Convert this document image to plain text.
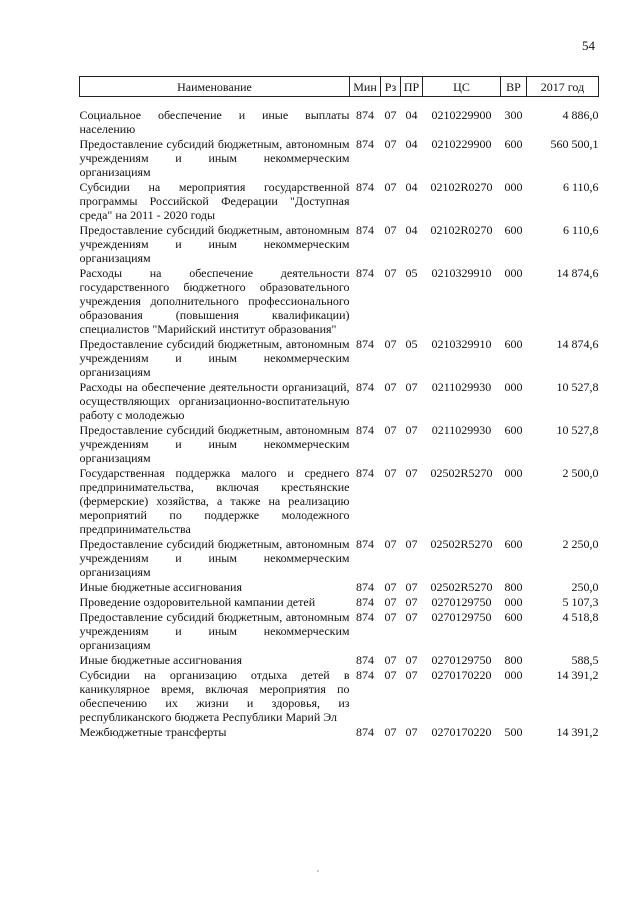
54
Наименование	Мин	Рз	ПР	ЦС	ВР	2017 год
Социальное обеспечение и иные выплаты населению	874	07	04	0210229900	300	4 886,0
Предоставление субсидий бюджетным, автономным учреждениям и иным некоммерческим организациям	874	07	04	0210229900	600	560 500,1
Субсидии на мероприятия государственной программы Российской Федерации "Доступная среда" на 2011 - 2020 годы	874	07	04	02102R0270	000	6 110,6
Предоставление субсидий бюджетным, автономным учреждениям и иным некоммерческим организациям	874	07	04	02102R0270	600	6 110,6
Расходы на обеспечение деятельности государственного бюджетного образовательного учреждения дополнительного профессионального образования (повышения квалификации) специалистов "Марийский институт образования"	874	07	05	0210329910	000	14 874,6
Предоставление субсидий бюджетным, автономным учреждениям и иным некоммерческим организациям	874	07	05	0210329910	600	14 874,6
Расходы на обеспечение деятельности организаций, осуществляющих организационно-воспитательную работу с молодежью	874	07	07	0211029930	000	10 527,8
Предоставление субсидий бюджетным, автономным учреждениям и иным некоммерческим организациям	874	07	07	0211029930	600	10 527,8
Государственная поддержка малого и среднего предпринимательства, включая крестьянские (фермерские) хозяйства, а также на реализацию мероприятий по поддержке молодежного предпринимательства	874	07	07	02502R5270	000	2 500,0
Предоставление субсидий бюджетным, автономным учреждениям и иным некоммерческим организациям	874	07	07	02502R5270	600	2 250,0
Иные бюджетные ассигнования	874	07	07	02502R5270	800	250,0
Проведение оздоровительной кампании детей	874	07	07	0270129750	000	5 107,3
Предоставление субсидий бюджетным, автономным учреждениям и иным некоммерческим организациям	874	07	07	0270129750	600	4 518,8
Иные бюджетные ассигнования	874	07	07	0270129750	800	588,5
Субсидии на организацию отдыха детей в каникулярное время, включая мероприятия по обеспечению их жизни и здоровья, из республиканского бюджета Республики Марий Эл	874	07	07	0270170220	000	14 391,2
Межбюджетные трансферты	874	07	07	0270170220	500	14 391,2
